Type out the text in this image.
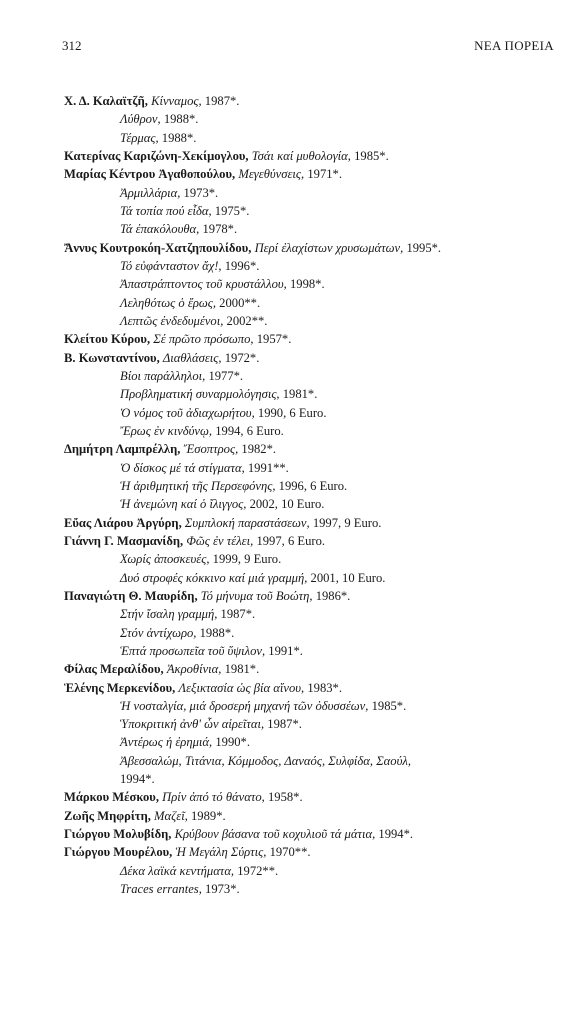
312	ΝΕΑ ΠΟΡΕΙΑ
Χ. Δ. Καλαϊτζῆ, Κίνναμος, 1987*.
Λύθρον, 1988*.
Τέρμας, 1988*.
Κατερίνας Καριζώνη-Χεκίμογλου, Τσάι καί μυθολογία, 1985*.
Μαρίας Κέντρου Ἀγαθοπούλου, Μεγεθύνσεις, 1971*.
Ἀρμιλλάρια, 1973*.
Τά τοπία πού εἶδα, 1975*.
Τά ἐπακόλουθα, 1978*.
Ἄννυς Κουτροκόη-Χατζηπουλίδου, Περί ἐλαχίστων χρυσωμάτων, 1995*.
Τό εὐφάνταστον ἄχ!, 1996*.
Ἀπαστράπτοντος τοῦ κρυστάλλου, 1998*.
Λεληθότως ὁ ἔρως, 2000**.
Λεπτῶς ἐνδεδυμένοι, 2002**.
Κλείτου Κύρου, Σέ πρῶτο πρόσωπο, 1957*.
Β. Κωνσταντίνου, Διαθλάσεις, 1972*.
Βίοι παράλληλοι, 1977*.
Προβληματική συναρμολόγησις, 1981*.
Ὁ νόμος τοῦ ἀδιαχωρήτου, 1990, 6 Euro.
Ἔρως ἐν κινδύνῳ, 1994, 6 Euro.
Δημήτρη Λαμπρέλλη, Ἔσοπτρος, 1982*.
Ὁ δίσκος μέ τά στίγματα, 1991**.
Ἡ ἀριθμητική τῆς Περσεφόνης, 1996, 6 Euro.
Ἡ ἀνεμώνη καί ὁ ἴλιγγος, 2002, 10 Euro.
Εὔας Λιάρου Ἀργύρη, Συμπλοκή παραστάσεων, 1997, 9 Euro.
Γιάννη Γ. Μασμανίδη, Φῶς ἐν τέλει, 1997, 6 Euro.
Χωρίς ἀποσκευές, 1999, 9 Euro.
Δυό στροφές κόκκινο καί μιά γραμμή, 2001, 10 Euro.
Παναγιώτη Θ. Μαυρίδη, Τό μήνυμα τοῦ Βοώτη, 1986*.
Στήν ἴσαλη γραμμή, 1987*.
Στόν ἀντίχωρο, 1988*.
Ἑπτά προσωπεῖα τοῦ ὕψιλον, 1991*.
Φίλας Μεραλίδου, Ἀκροθίνια, 1981*.
Ἑλένης Μερκενίδου, Λεξικτασία ὡς βία αἴνου, 1983*.
Ἡ νοσταλγία, μιά δροσερή μηχανή τῶν ὀδυσσέων, 1985*.
Ὑποκριτική ἀνθ' ὧν αἱρεῖται, 1987*.
Ἀντέρως ἡ ἐρημιά, 1990*.
Ἀβεσσαλώμ, Τιτάνια, Κόμμοδος, Δαναός, Συλφίδα, Σαούλ,
1994*.
Μάρκου Μέσκου, Πρίν ἀπό τό θάνατο, 1958*.
Ζωῆς Μηφρίτη, Μαζεῖ, 1989*.
Γιώργου Μολυβίδη, Κρύβουν βάσανα τοῦ κοχυλιοῦ τά μάτια, 1994*.
Γιώργου Μουρέλου, Ἡ Μεγάλη Σύρτις, 1970**.
Δέκα λαϊκά κεντήματα, 1972**.
Traces errantes, 1973*.
